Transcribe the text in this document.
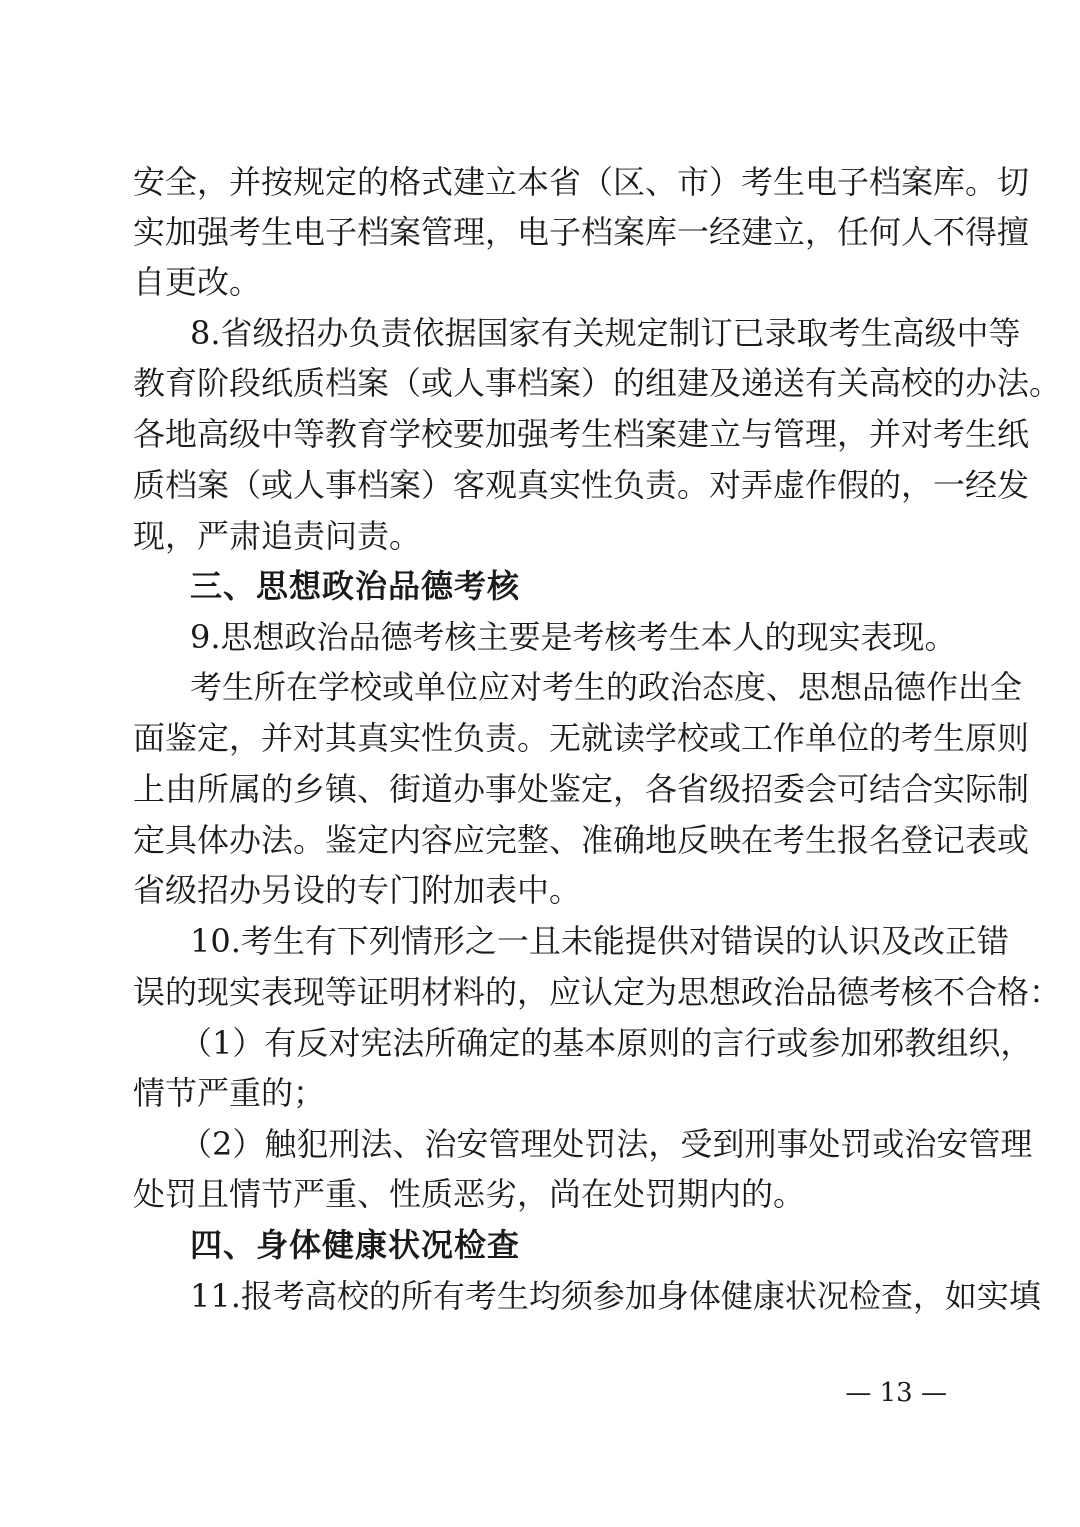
安全，并按规定的格式建立本省（区、市）考生电子档案库。切
实加强考生电子档案管理，电子档案库一经建立，任何人不得擅
自更改。
8.省级招办负责依据国家有关规定制订已录取考生高级中等
教育阶段纸质档案（或人事档案）的组建及递送有关高校的办法。
各地高级中等教育学校要加强考生档案建立与管理，并对考生纸
质档案（或人事档案）客观真实性负责。对弄虚作假的，一经发
现，严肃追责问责。
三、思想政治品德考核
9.思想政治品德考核主要是考核考生本人的现实表现。
考生所在学校或单位应对考生的政治态度、思想品德作出全
面鉴定，并对其真实性负责。无就读学校或工作单位的考生原则
上由所属的乡镇、街道办事处鉴定，各省级招委会可结合实际制
定具体办法。鉴定内容应完整、准确地反映在考生报名登记表或
省级招办另设的专门附加表中。
10.考生有下列情形之一且未能提供对错误的认识及改正错
误的现实表现等证明材料的，应认定为思想政治品德考核不合格：
（1）有反对宪法所确定的基本原则的言行或参加邪教组织，
情节严重的；
（2）触犯刑法、治安管理处罚法，受到刑事处罚或治安管理
处罚且情节严重、性质恶劣，尚在处罚期内的。
四、身体健康状况检查
11.报考高校的所有考生均须参加身体健康状况检查，如实填
— 13 —
